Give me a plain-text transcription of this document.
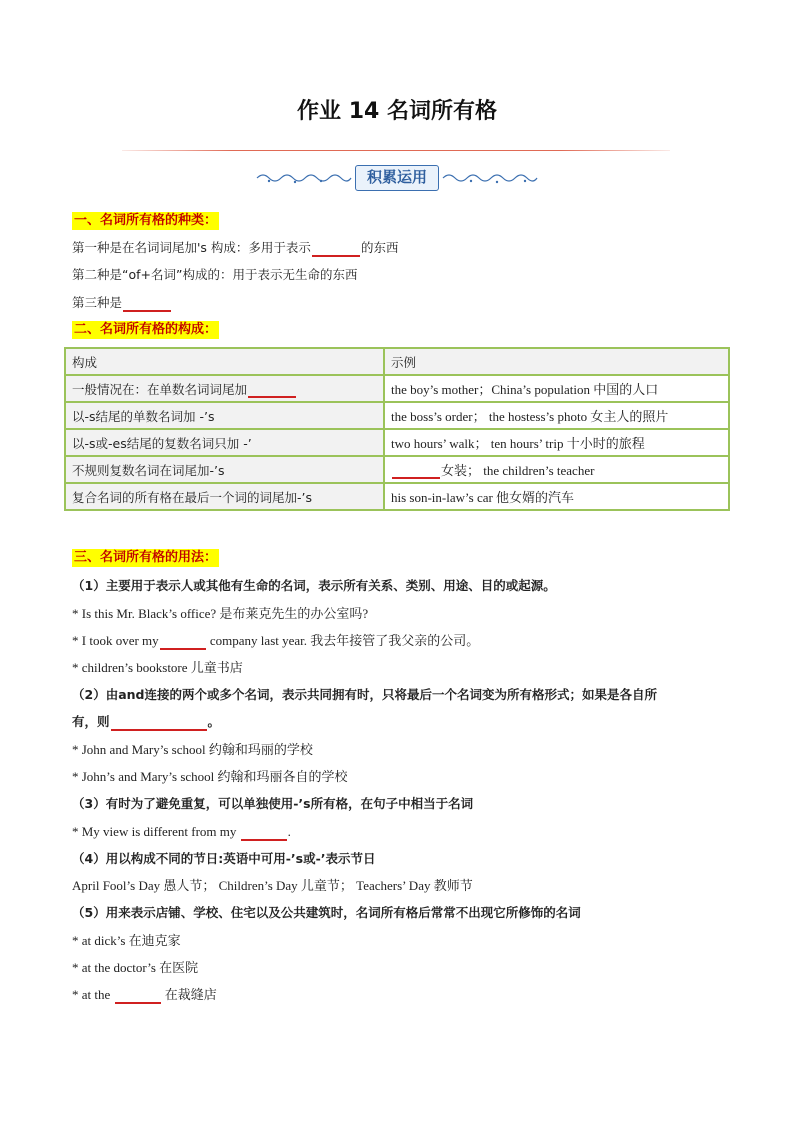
作业 14 名词所有格
积累运用
一、名词所有格的种类：
第一种是在名词词尾加's 构成：多用于表示	的东西
第二种是“of+名词”构成的：用于表示无生命的东西
第三种是
二、名词所有格的构成：
构成	示例
一般情况在：在单数名词词尾加	the boy’s mother；China’s population 中国的人口
以-s结尾的单数名词加 -’s	the boss’s order； the hostess’s photo 女主人的照片
以-s或-es结尾的复数名词只加 -’	two hours’ walk； ten hours’ trip 十小时的旅程
不规则复数名词在词尾加-’s	女装； the children’s teacher
复合名词的所有格在最后一个词的词尾加-’s	his son-in-law’s car 他女婿的汽车
三、名词所有格的用法：
（1）主要用于表示人或其他有生命的名词，表示所有关系、类别、用途、目的或起源。
* Is this Mr. Black’s office? 是布莱克先生的办公室吗?
* I took over my	company last year. 我去年接管了我父亲的公司。
* children’s bookstore 儿童书店
（2）由and连接的两个或多个名词，表示共同拥有时，只将最后一个名词变为所有格形式；如果是各自所
有，则	。
* John and Mary’s school 约翰和玛丽的学校
* John’s and Mary’s school 约翰和玛丽各自的学校
（3）有时为了避免重复，可以单独使用-’s所有格，在句子中相当于名词
* My view is different from my	.
（4）用以构成不同的节日:英语中可用-’s或-’表示节日
April Fool’s Day 愚人节； Children’s Day 儿童节； Teachers’ Day 教师节
（5）用来表示店铺、学校、住宅以及公共建筑时，名词所有格后常常不出现它所修饰的名词
* at dick’s 在迪克家
* at the doctor’s 在医院
* at the	在裁缝店
